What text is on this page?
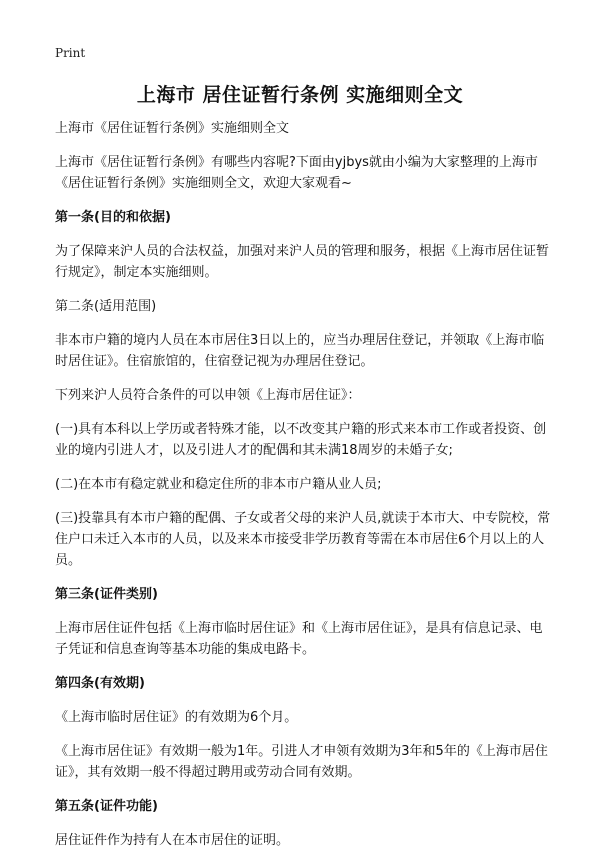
Print
上海市 居住证暂行条例 实施细则全文

上海市《居住证暂行条例》实施细则全文

上海市《居住证暂行条例》有哪些内容呢?下面由yjbys就由小编为大家整理的上海市《居住证暂行条例》实施细则全文，欢迎大家观看~

第一条(目的和依据)

为了保障来沪人员的合法权益，加强对来沪人员的管理和服务，根据《上海市居住证暂行规定》，制定本实施细则。

第二条(适用范围)

非本市户籍的境内人员在本市居住3日以上的，应当办理居住登记，并领取《上海市临时居住证》。住宿旅馆的，住宿登记视为办理居住登记。

下列来沪人员符合条件的可以申领《上海市居住证》：

(一)具有本科以上学历或者特殊才能，以不改变其户籍的形式来本市工作或者投资、创业的境内引进人才，以及引进人才的配偶和其未满18周岁的未婚子女;

(二)在本市有稳定就业和稳定住所的非本市户籍从业人员;

(三)投靠具有本市户籍的配偶、子女或者父母的来沪人员,就读于本市大、中专院校，常住户口未迁入本市的人员，以及来本市接受非学历教育等需在本市居住6个月以上的人员。

第三条(证件类别)

上海市居住证件包括《上海市临时居住证》和《上海市居住证》，是具有信息记录、电子凭证和信息查询等基本功能的集成电路卡。

第四条(有效期)

《上海市临时居住证》的有效期为6个月。

《上海市居住证》有效期一般为1年。引进人才申领有效期为3年和5年的《上海市居住证》，其有效期一般不得超过聘用或劳动合同有效期。

第五条(证件功能)

居住证件作为持有人在本市居住的证明。
